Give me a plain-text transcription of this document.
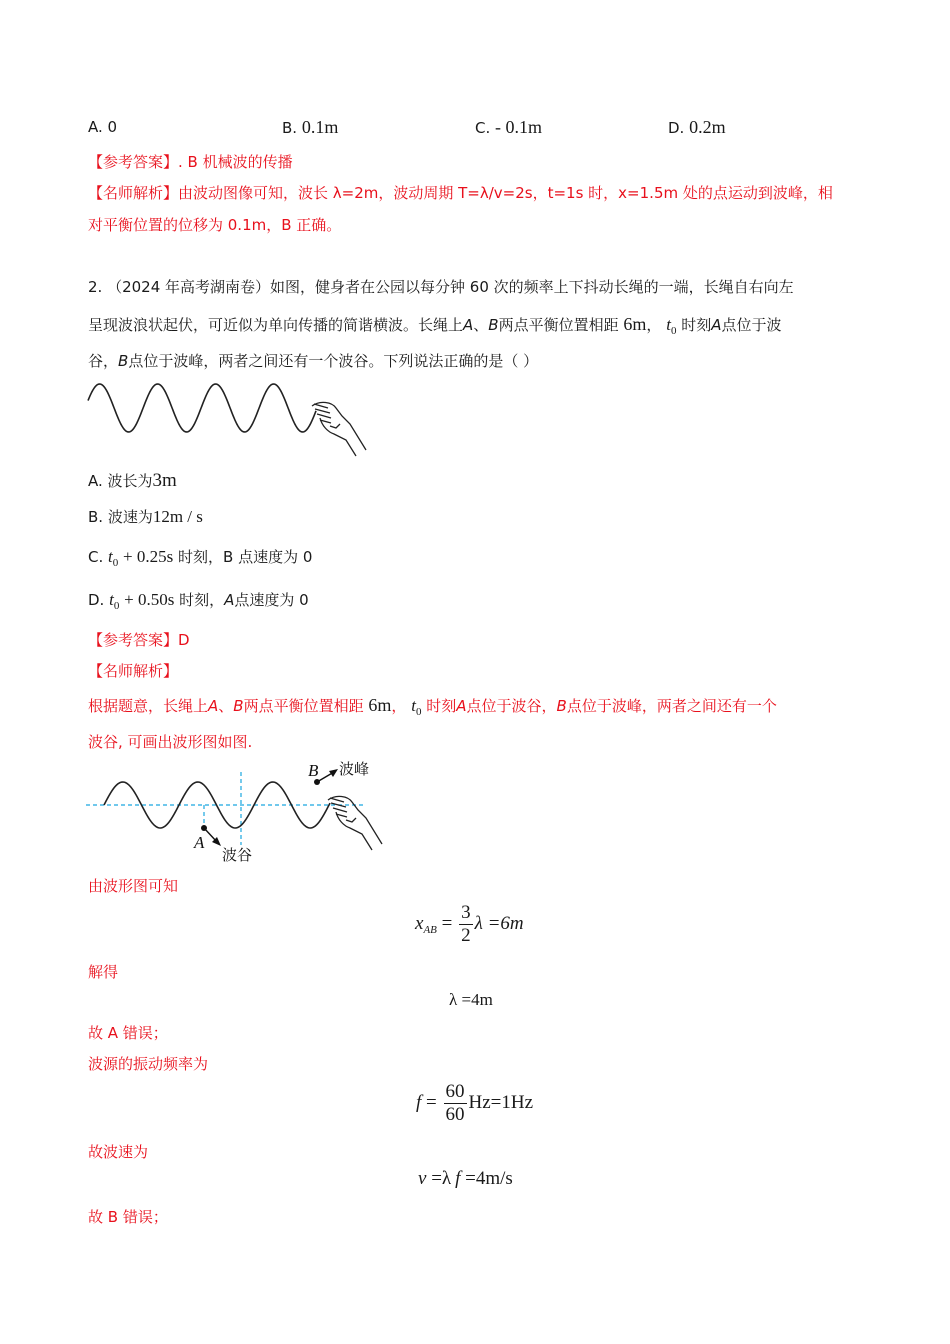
A. 0	B. 0.1m	C. - 0.1m	D. 0.2m
【参考答案】. B 机械波的传播
【名师解析】由波动图像可知，波长 λ=2m，波动周期 T=λ/v=2s，t=1s 时，x=1.5m 处的点运动到波峰，相
对平衡位置的位移为 0.1m，B 正确。
2. （2024 年高考湖南卷）如图，健身者在公园以每分钟 60 次的频率上下抖动长绳的一端，长绳自右向左
呈现波浪状起伏，可近似为单向传播的简谐横波。长绳上A、B两点平衡位置相距 6m， $t_0$ 时刻A点位于波
谷，B点位于波峰，两者之间还有一个波谷。下列说法正确的是（ ）
A. 波长为3m
B. 波速为12m / s
C. $t_0 + 0.25s$ 时刻，B 点速度为 0
D. $t_0 + 0.50s$ 时刻，A点速度为 0
【参考答案】D
【名师解析】
根据题意，长绳上A、B两点平衡位置相距 6m， $t_0$ 时刻A点位于波谷，B点位于波峰，两者之间还有一个
波谷, 可画出波形图如图.
B 波峰
A
波谷
由波形图可知
$x_{AB} = \frac{3}{2}$ λ =6m
解得
λ =4m
故 A 错误；
波源的振动频率为
$f = \frac{60}{60} Hz=1Hz$
故波速为
v =λ f =4m/s
故 B 错误；
